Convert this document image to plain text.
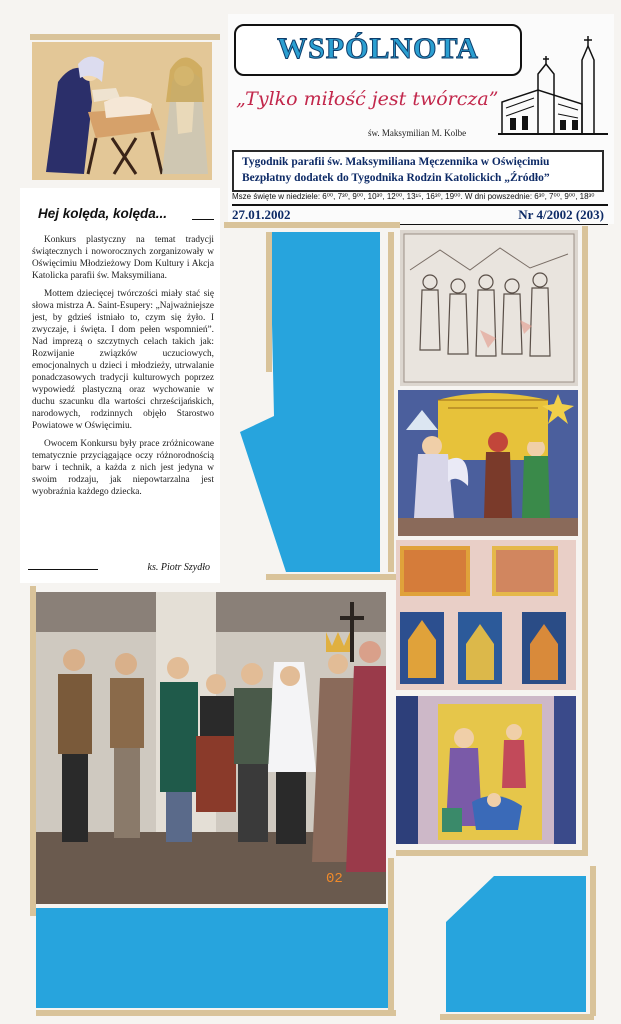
WSPÓLNOTA
„Tylko miłość jest twórcza”
św. Maksymilian M. Kolbe
Tygodnik parafii św. Maksymiliana Męczennika w Oświęcimiu
Bezpłatny dodatek do Tygodnika Rodzin Katolickich „Źródło”
Msze święte w niedziele: 6⁰⁰, 7³⁰, 9⁰⁰, 10³⁰, 12⁰⁰, 13¹⁵, 16³⁰, 19⁰⁰. W dni powszednie: 6³⁰, 7⁰⁰, 9⁰⁰, 18³⁰
27.01.2002	Nr 4/2002 (203)
Hej kolęda, kolęda...

Konkurs plastyczny na temat tradycji świątecznych i noworocznych zorganizowały w Oświęcimiu Młodzieżowy Dom Kultury i Akcja Katolicka parafii św. Maksymiliana.

Mottem dziecięcej twórczości miały stać się słowa mistrza A. Saint-Esupery: „Najważniejsze jest, by gdzieś istniało to, czym się żyło. I zwyczaje, i święta. I dom pełen wspomnień”. Nad imprezą o szczytnych celach takich jak: Rozwijanie związków uczuciowych, emocjonalnych u dzieci i młodzieży, utrwalanie ponadczasowych tradycji kulturowych poprzez wypowiedź plastyczną oraz wychowanie w duchu szacunku dla wartości chrześcijańskich, narodowych, rodzinnych objęło Starostwo Powiatowe w Oświęcimiu.

Owocem Konkursu były prace zróżnicowane tematycznie przyciągające oczy różnorodnością barw i technik, a każda z nich jest jedyna w swoim rodzaju, jak niepowtarzalna jest wyobraźnia każdego dziecka.

ks. Piotr Szydło
02
